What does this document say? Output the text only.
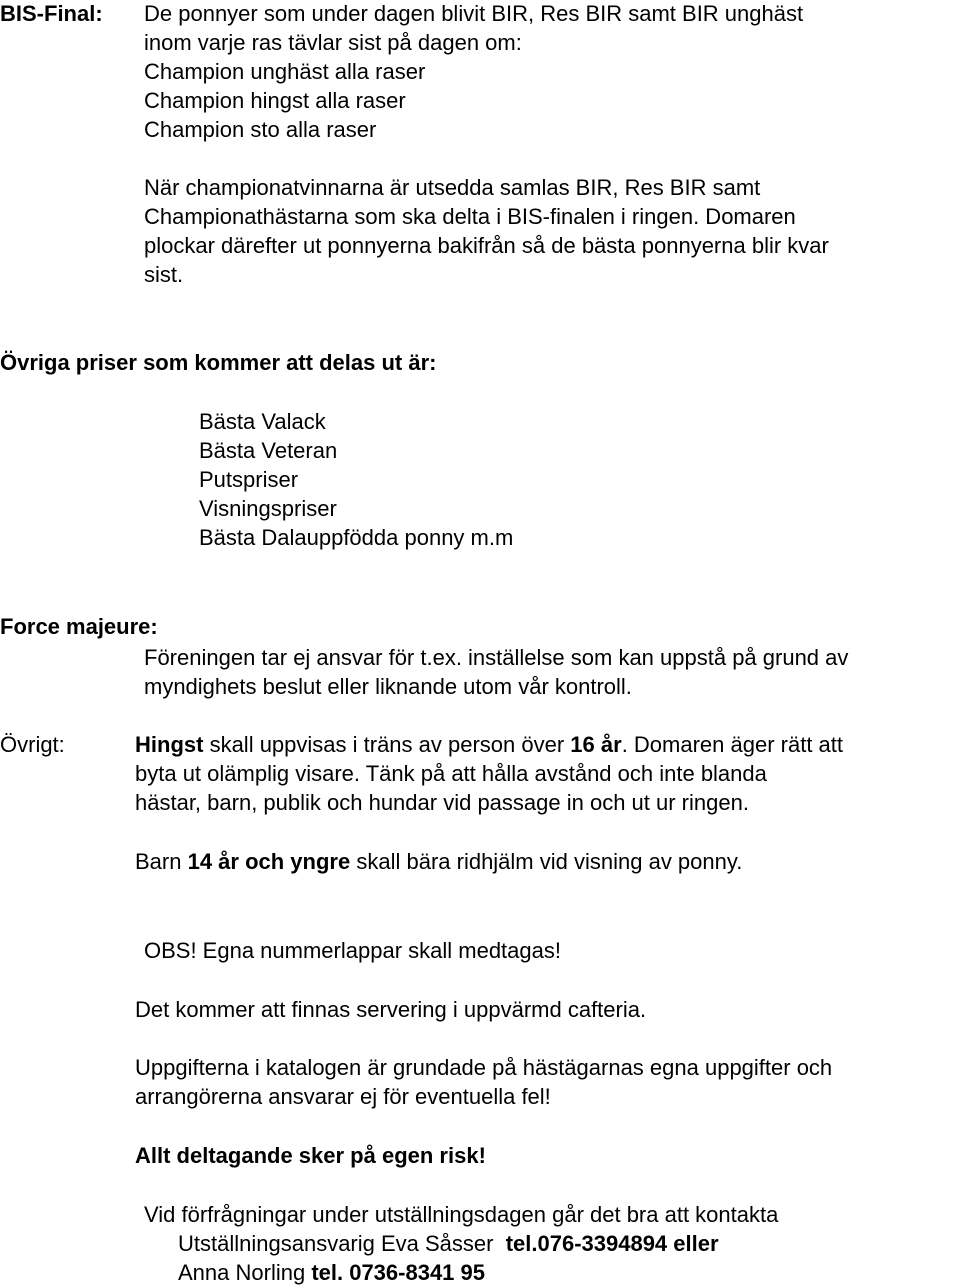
BIS-Final: De ponnyer som under dagen blivit BIR, Res BIR samt BIR unghäst

inom varje ras tävlar sist på dagen om:

Champion unghäst alla raser

Champion hingst alla raser

Champion sto alla raser

När championatvinnarna är utsedda samlas BIR, Res BIR samt

Championathästarna som ska delta i BIS-finalen i ringen. Domaren

plockar därefter ut ponnyerna bakifrån så de bästa ponnyerna blir kvar

sist.

Övriga priser som kommer att delas ut är:

Bästa Valack

Bästa Veteran

Putspriser

Visningspriser

Bästa Dalauppfödda ponny m.m

Force majeure:

Föreningen tar ej ansvar för t.ex. inställelse som kan uppstå på grund av

myndighets beslut eller liknande utom vår kontroll.

Övrigt:	Hingst skall uppvisas i träns av person över 16 år. Domaren äger rätt att

byta ut olämplig visare. Tänk på att hålla avstånd och inte blanda

hästar, barn, publik och hundar vid passage in och ut ur ringen.

Barn 14 år och yngre skall bära ridhjälm vid visning av ponny.

OBS! Egna nummerlappar skall medtagas!

Det kommer att finnas servering i uppvärmd cafteria.

Uppgifterna i katalogen är grundade på hästägarnas egna uppgifter och

arrangörerna ansvarar ej för eventuella fel!

Allt deltagande sker på egen risk!

Vid förfrågningar under utställningsdagen går det bra att kontakta

Utställningsansvarig Eva Såsser  tel.076-3394894 eller

Anna Norling tel. 0736-8341 95
